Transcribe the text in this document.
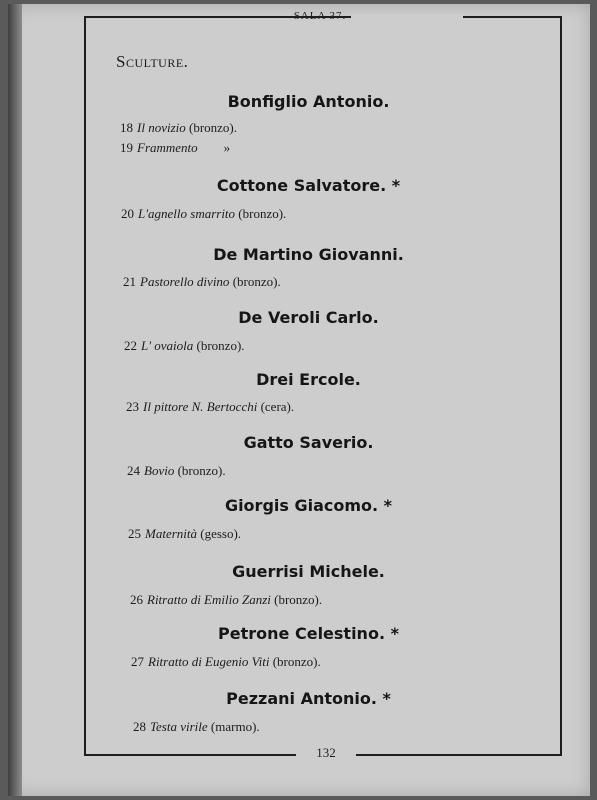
SALA 37.
Sculture.
132
Bonfiglio Antonio.
18 Il novizio (bronzo).
19 Frammento »
Cottone Salvatore. *
20 L'agnello smarrito (bronzo).
De Martino Giovanni.
21 Pastorello divino (bronzo).
De Veroli Carlo.
22 L' ovaiola (bronzo).
Drei Ercole.
23 Il pittore N. Bertocchi (cera).
Gatto Saverio.
24 Bovio (bronzo).
Giorgis Giacomo. *
25 Maternità (gesso).
Guerrisi Michele.
26 Ritratto di Emilio Zanzi (bronzo).
Petrone Celestino. *
27 Ritratto di Eugenio Viti (bronzo).
Pezzani Antonio. *
28 Testa virile (marmo).
